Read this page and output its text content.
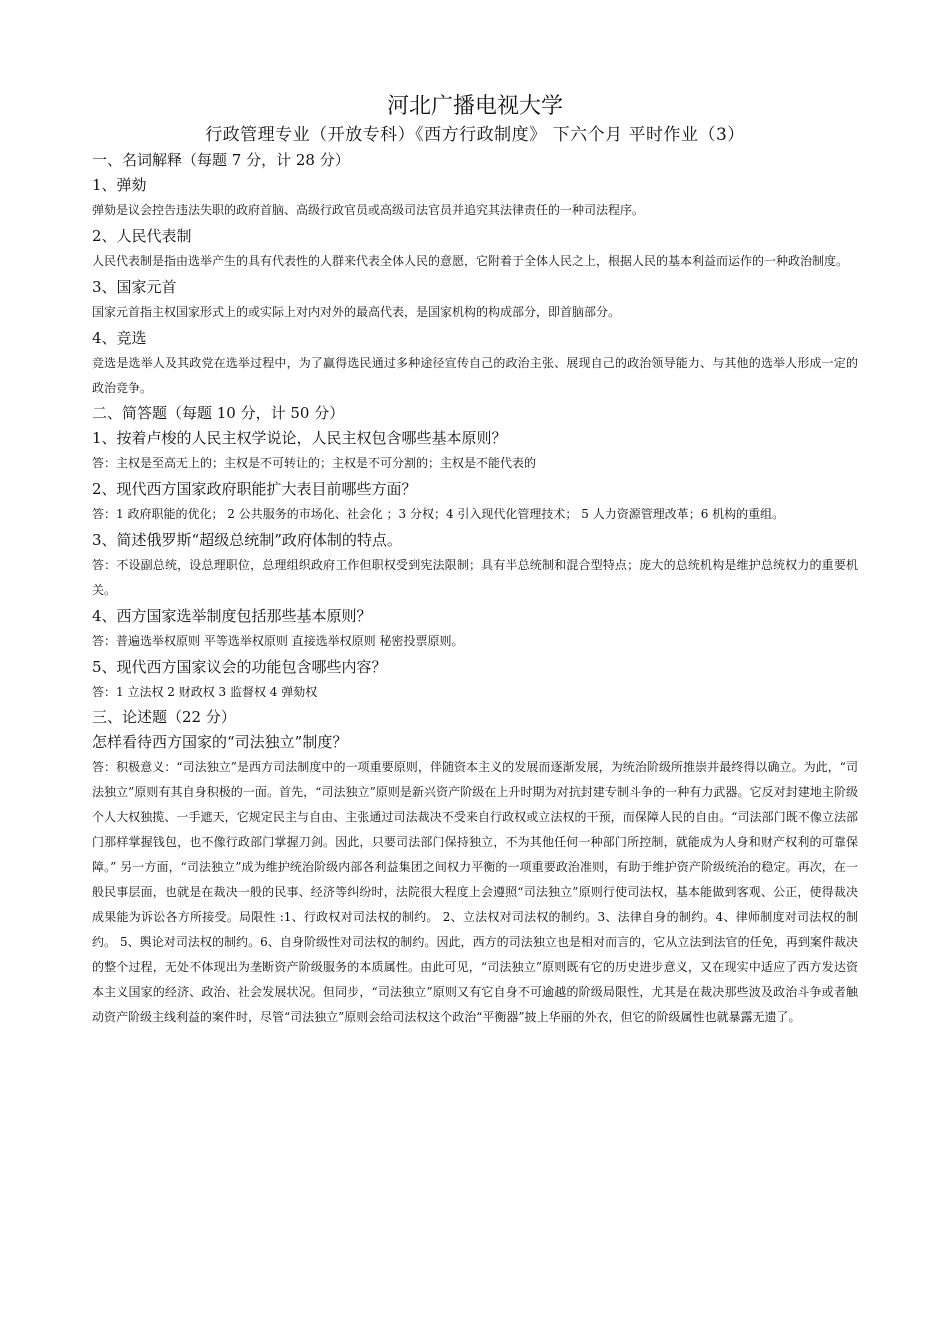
河北广播电视大学
行政管理专业（开放专科）《西方行政制度》 下六个月 平时作业（3）
一、名词解释（每题 7 分，计 28 分）
1、弹劾
弹劾是议会控告违法失职的政府首脑、高级行政官员或高级司法官员并追究其法律责任的一种司法程序。
2、人民代表制
人民代表制是指由选举产生的具有代表性的人群来代表全体人民的意愿，它附着于全体人民之上，根据人民的基本利益而运作的一种政治制度。
3、国家元首
国家元首指主权国家形式上的或实际上对内对外的最高代表，是国家机构的构成部分，即首脑部分。
4、竞选
竞选是选举人及其政党在选举过程中，为了赢得选民通过多种途径宣传自己的政治主张、展现自己的政治领导能力、与其他的选举人形成一定的政治竞争。
二、简答题（每题 10 分，计 50 分）
1、按着卢梭的人民主权学说论，人民主权包含哪些基本原则？
答：主权是至高无上的；主权是不可转让的；主权是不可分割的；主权是不能代表的
2、现代西方国家政府职能扩大表目前哪些方面？
答：1 政府职能的优化； 2 公共服务的市场化、社会化 ；3 分权；4 引入现代化管理技术； 5 人力资源管理改革；6 机构的重组。
3、简述俄罗斯“超级总统制”政府体制的特点。
答：不设副总统，设总理职位，总理组织政府工作但职权受到宪法限制；具有半总统制和混合型特点；庞大的总统机构是维护总统权力的重要机关。
4、西方国家选举制度包括那些基本原则？
答：普遍选举权原则 平等选举权原则 直接选举权原则 秘密投票原则。
5、现代西方国家议会的功能包含哪些内容？
答：1 立法权 2 财政权 3 监督权 4 弹劾权
三、论述题（22 分）
怎样看待西方国家的“司法独立”制度？
答：积极意义：“司法独立”是西方司法制度中的一项重要原则，伴随资本主义的发展而逐渐发展，为统治阶级所推崇并最终得以确立。为此，“司法独立”原则有其自身积极的一面。首先，“司法独立”原则是新兴资产阶级在上升时期为对抗封建专制斗争的一种有力武器。它反对封建地主阶级个人大权独揽、一手遮天，它规定民主与自由、主张通过司法裁决不受来自行政权或立法权的干预，而保障人民的自由。“司法部门既不像立法部门那样掌握钱包，也不像行政部门掌握刀剑。因此，只要司法部门保持独立，不为其他任何一种部门所控制，就能成为人身和财产权利的可靠保障。” 另一方面，“司法独立”成为维护统治阶级内部各利益集团之间权力平衡的一项重要政治准则，有助于维护资产阶级统治的稳定。再次，在一般民事层面，也就是在裁决一般的民事、经济等纠纷时，法院很大程度上会遵照“司法独立”原则行使司法权，基本能做到客观、公正，使得裁决成果能为诉讼各方所接受。局限性 :1、行政权对司法权的制约。 2、立法权对司法权的制约。3、法律自身的制约。4、律师制度对司法权的制约。 5、舆论对司法权的制约。6、自身阶级性对司法权的制约。因此，西方的司法独立也是相对而言的，它从立法到法官的任免，再到案件裁决的整个过程，无处不体现出为垄断资产阶级服务的本质属性。由此可见，“司法独立”原则既有它的历史进步意义，又在现实中适应了西方发达资本主义国家的经济、政治、社会发展状况。但同步，“司法独立”原则又有它自身不可逾越的阶级局限性，尤其是在裁决那些波及政治斗争或者触动资产阶级主线利益的案件时，尽管“司法独立”原则会给司法权这个政治“平衡器”披上华丽的外衣，但它的阶级属性也就暴露无遗了。
